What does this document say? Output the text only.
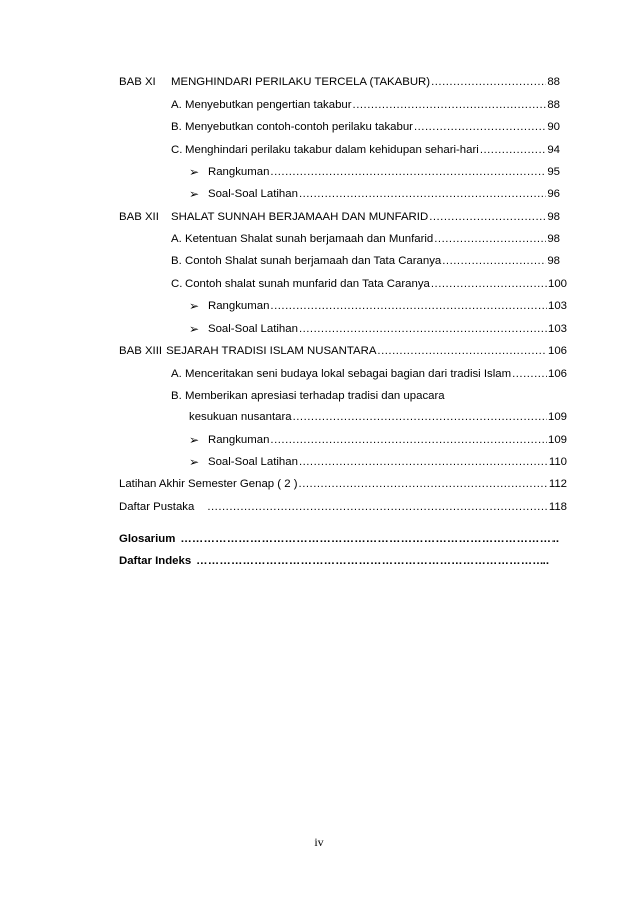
BAB XI	MENGHINDARI PERILAKU TERCELA (TAKABUR) .....	88
A. Menyebutkan pengertian takabur .....	88
B. Menyebutkan contoh-contoh perilaku takabur .....	90
C. Menghindari perilaku takabur dalam kehidupan sehari-hari .....	94
➢ Rangkuman .....	95
➢ Soal-Soal Latihan .....	96
BAB XII	SHALAT SUNNAH BERJAMAAH DAN MUNFARID .....	98
A. Ketentuan Shalat sunah berjamaah dan Munfarid .....	98
B. Contoh Shalat sunah berjamaah dan Tata Caranya .....	98
C. Contoh shalat sunah munfarid dan Tata Caranya .....	100
➢ Rangkuman .....	103
➢ Soal-Soal Latihan .....	103
BAB XIII SEJARAH TRADISI ISLAM NUSANTARA .....	106
A. Menceritakan seni budaya lokal sebagai bagian dari tradisi Islam .....	106
B. Memberikan apresiasi terhadap tradisi dan upacara
kesukuan nusantara .....	109
➢ Rangkuman .....	109
➢ Soal-Soal Latihan .....	110
Latihan Akhir Semester Genap ( 2 ) .....	112
Daftar Pustaka .....	118
Glosarium ……………………………………………………………………………………………………………………………………………………………	..
Daftar Indeks ……………………………………………………………………………………………………………………………………………………………	..
iv
